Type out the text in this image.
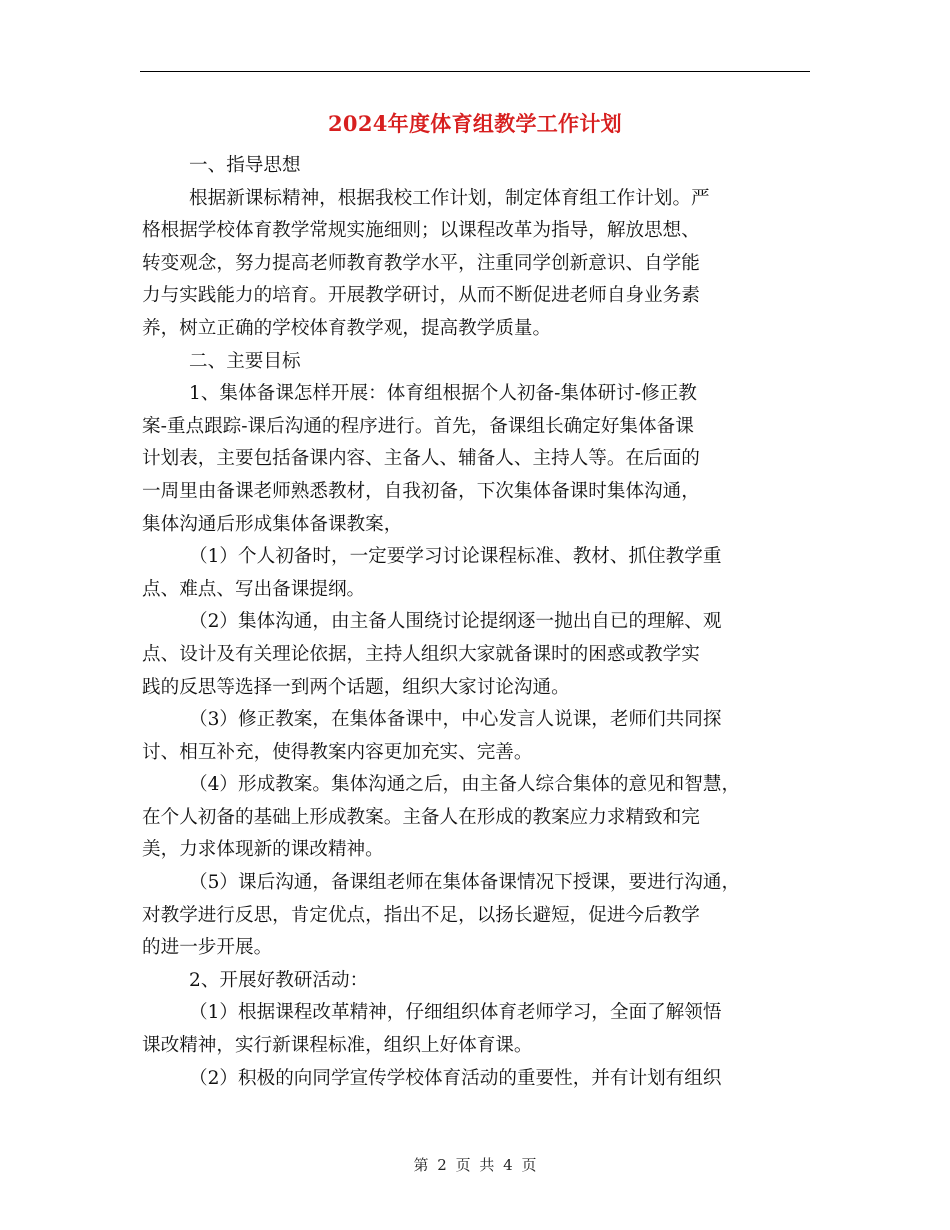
2024年度体育组教学工作计划

一、指导思想

根据新课标精神，根据我校工作计划，制定体育组工作计划。严

格根据学校体育教学常规实施细则；以课程改革为指导，解放思想、

转变观念，努力提高老师教育教学水平，注重同学创新意识、自学能

力与实践能力的培育。开展教学研讨，从而不断促进老师自身业务素

养，树立正确的学校体育教学观，提高教学质量。

二、主要目标

1、集体备课怎样开展：体育组根据个人初备-集体研讨-修正教

案-重点跟踪-课后沟通的程序进行。首先，备课组长确定好集体备课

计划表，主要包括备课内容、主备人、辅备人、主持人等。在后面的

一周里由备课老师熟悉教材，自我初备，下次集体备课时集体沟通，

集体沟通后形成集体备课教案，

（1）个人初备时，一定要学习讨论课程标准、教材、抓住教学重

点、难点、写出备课提纲。

（2）集体沟通，由主备人围绕讨论提纲逐一抛出自已的理解、观

点、设计及有关理论依据，主持人组织大家就备课时的困惑或教学实

践的反思等选择一到两个话题，组织大家讨论沟通。

（3）修正教案，在集体备课中，中心发言人说课，老师们共同探

讨、相互补充，使得教案内容更加充实、完善。

（4）形成教案。集体沟通之后，由主备人综合集体的意见和智慧，

在个人初备的基础上形成教案。主备人在形成的教案应力求精致和完

美，力求体现新的课改精神。

（5）课后沟通，备课组老师在集体备课情况下授课，要进行沟通，

对教学进行反思，肯定优点，指出不足，以扬长避短，促进今后教学

的进一步开展。

2、开展好教研活动：

（1）根据课程改革精神，仔细组织体育老师学习，全面了解领悟

课改精神，实行新课程标准，组织上好体育课。

（2）积极的向同学宣传学校体育活动的重要性，并有计划有组织

第 2 页 共 4 页
